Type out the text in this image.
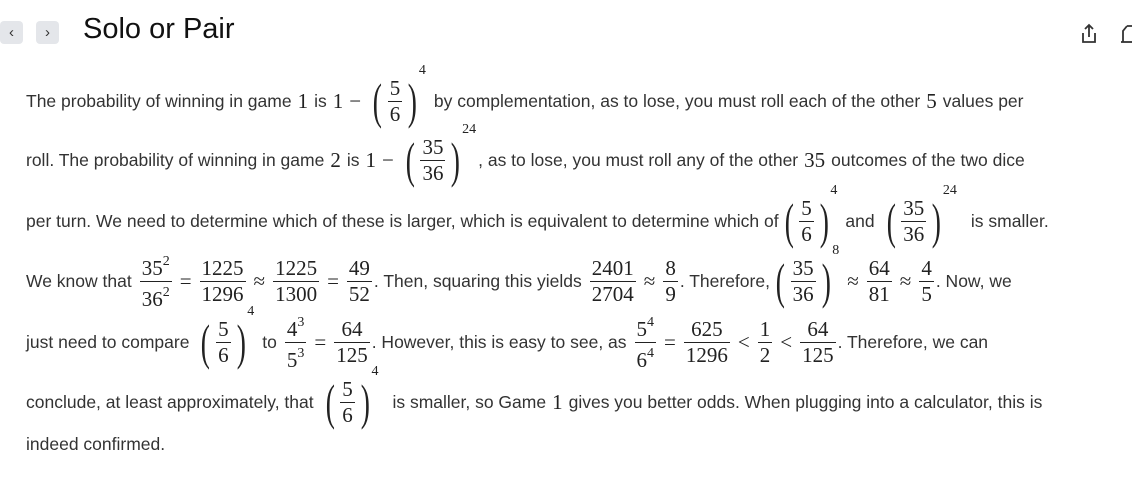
‹	›	Solo or Pair
The probability of winning in game 1 is 1 − ( $\frac{5}{6}$ )
4
by complementation, as to lose, you must roll each of the other 5 values per
roll. The probability of winning in game 2 is 1 − ( $\frac{35}{36}$ )
24
, as to lose, you must roll any of the other 35 outcomes of the two dice
per turn. We need to determine which of these is larger, which is equivalent to determine which of ( $\frac{5}{6}$ )
4
and ( $\frac{35}{36}$ )
24
is smaller.
We know that $\frac{35^2}{36^2} = \frac{1225}{1296} \approx \frac{1225}{1300} = \frac{49}{52}$ . Then, squaring this yields $\frac{2401}{2704} \approx \frac{8}{9}$ . Therefore, ( $\frac{35}{36}$ )
8
≈ $\frac{64}{81} \approx \frac{4}{5}$ . Now, we
just need to compare ( $\frac{5}{6}$ )
4
to $\frac{4^3}{5^3} = \frac{64}{125}$ . However, this is easy to see, as $\frac{5^4}{6^4} = \frac{625}{1296} < \frac{1}{2} < \frac{64}{125}$ . Therefore, we can
conclude, at least approximately, that ( $\frac{5}{6}$ )
4
is smaller, so Game 1 gives you better odds. When plugging into a calculator, this is
indeed confirmed.
